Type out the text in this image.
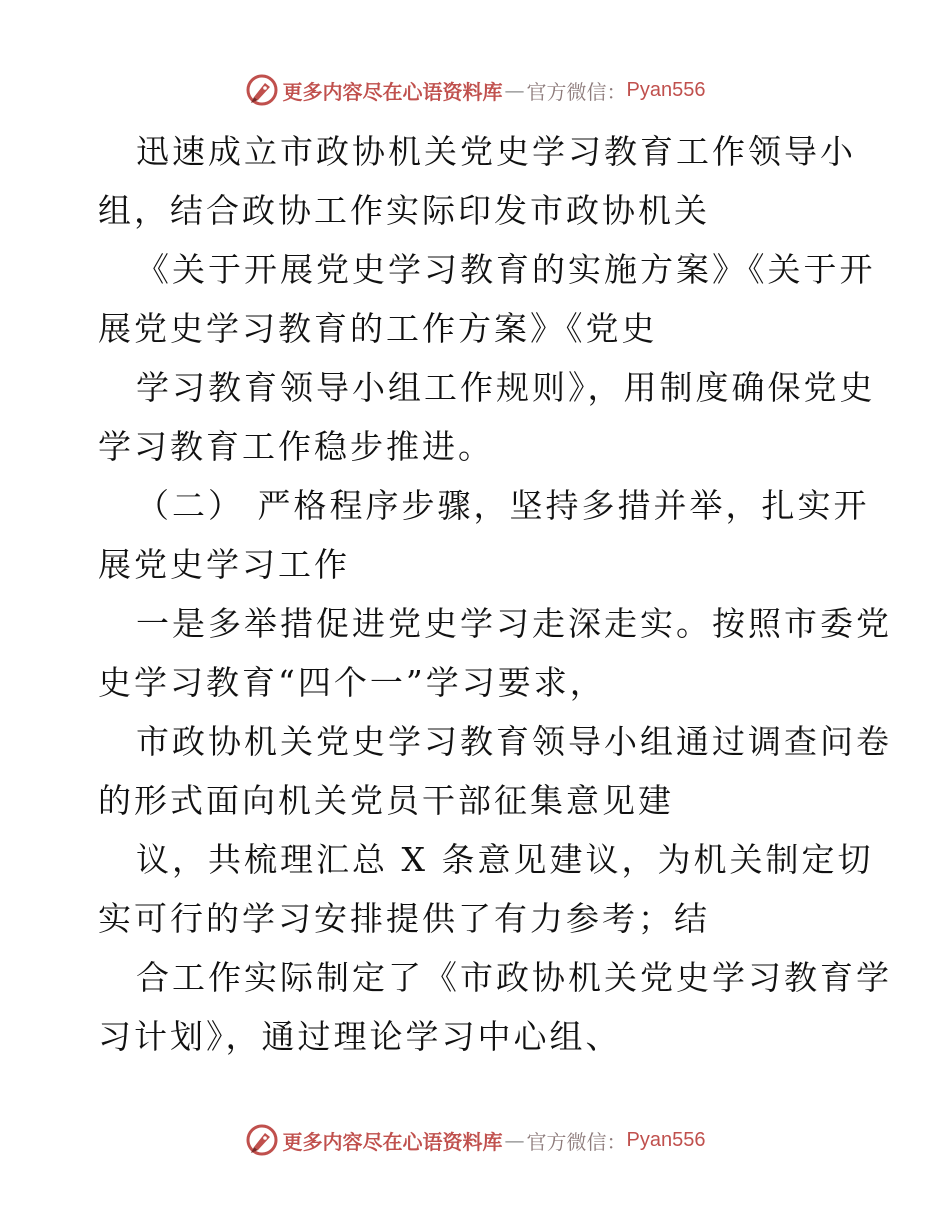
更多内容尽在心语资料库 — 官方微信： Pyan556
迅速成立市政协机关党史学习教育工作领导小
组，结合政协工作实际印发市政协机关
《关于开展党史学习教育的实施方案》《关于开
展党史学习教育的工作方案》《党史
学习教育领导小组工作规则》，用制度确保党史
学习教育工作稳步推进。
（二） 严格程序步骤，坚持多措并举，扎实开
展党史学习工作
一是多举措促进党史学习走深走实。按照市委党
史学习教育“四个一”学习要求，
市政协机关党史学习教育领导小组通过调查问卷
的形式面向机关党员干部征集意见建
议，共梳理汇总 X 条意见建议，为机关制定切
实可行的学习安排提供了有力参考；结
合工作实际制定了《市政协机关党史学习教育学
习计划》，通过理论学习中心组、
更多内容尽在心语资料库 — 官方微信： Pyan556
